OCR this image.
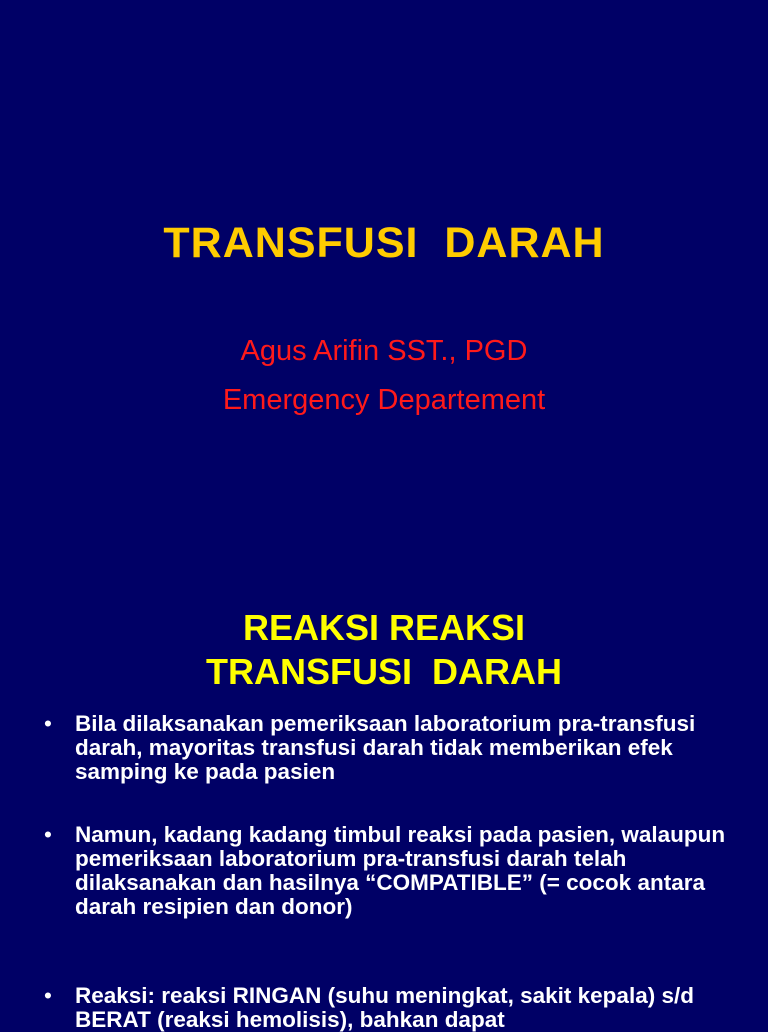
TRANSFUSI  DARAH
Agus Arifin SST., PGD
Emergency Departement
REAKSI REAKSI
TRANSFUSI  DARAH
• Bila dilaksanakan pemeriksaan laboratorium pra-transfusi darah, mayoritas transfusi darah tidak memberikan efek samping ke pada pasien
• Namun, kadang kadang timbul reaksi pada pasien, walaupun pemeriksaan laboratorium pra-transfusi darah telah dilaksanakan dan hasilnya “COMPATIBLE” (= cocok antara darah resipien dan donor)
• Reaksi: reaksi RINGAN (suhu meningkat, sakit kepala) s/d BERAT (reaksi hemolisis), bahkan dapat
